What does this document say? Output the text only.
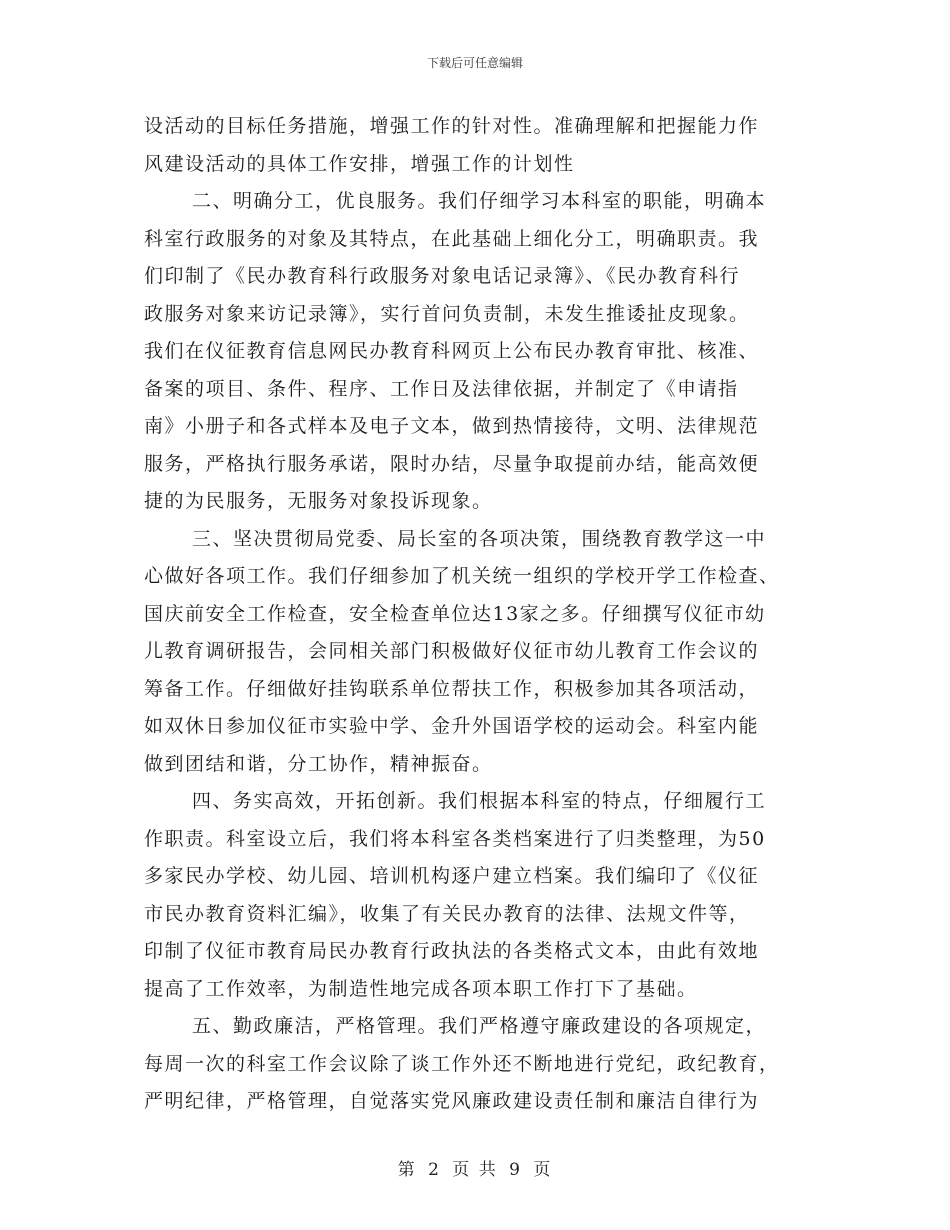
下载后可任意编辑
设活动的目标任务措施，增强工作的针对性。准确理解和把握能力作
风建设活动的具体工作安排，增强工作的计划性
二、明确分工，优良服务。我们仔细学习本科室的职能，明确本
科室行政服务的对象及其特点，在此基础上细化分工，明确职责。我
们印制了《民办教育科行政服务对象电话记录簿》、《民办教育科行
政服务对象来访记录簿》，实行首问负责制，未发生推诿扯皮现象。
我们在仪征教育信息网民办教育科网页上公布民办教育审批、核准、
备案的项目、条件、程序、工作日及法律依据，并制定了《申请指
南》小册子和各式样本及电子文本，做到热情接待，文明、法律规范
服务，严格执行服务承诺，限时办结，尽量争取提前办结，能高效便
捷的为民服务，无服务对象投诉现象。
三、坚决贯彻局党委、局长室的各项决策，围绕教育教学这一中
心做好各项工作。我们仔细参加了机关统一组织的学校开学工作检查、
国庆前安全工作检查，安全检查单位达13家之多。仔细撰写仪征市幼
儿教育调研报告，会同相关部门积极做好仪征市幼儿教育工作会议的
筹备工作。仔细做好挂钩联系单位帮扶工作，积极参加其各项活动，
如双休日参加仪征市实验中学、金升外国语学校的运动会。科室内能
做到团结和谐，分工协作，精神振奋。
四、务实高效，开拓创新。我们根据本科室的特点，仔细履行工
作职责。科室设立后，我们将本科室各类档案进行了归类整理，为50
多家民办学校、幼儿园、培训机构逐户建立档案。我们编印了《仪征
市民办教育资料汇编》，收集了有关民办教育的法律、法规文件等，
印制了仪征市教育局民办教育行政执法的各类格式文本，由此有效地
提高了工作效率，为制造性地完成各项本职工作打下了基础。
五、勤政廉洁，严格管理。我们严格遵守廉政建设的各项规定，
每周一次的科室工作会议除了谈工作外还不断地进行党纪，政纪教育，
严明纪律，严格管理，自觉落实党风廉政建设责任制和廉洁自律行为
第 2 页 共 9 页
